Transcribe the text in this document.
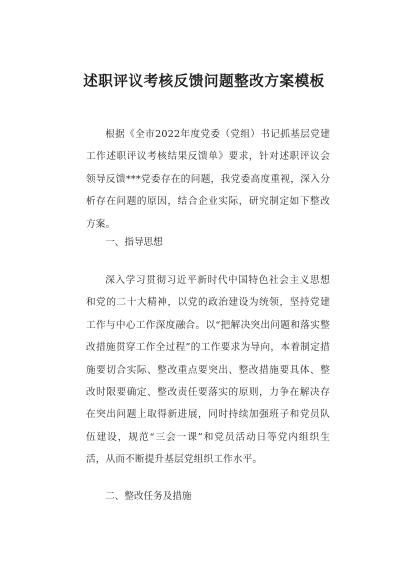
述职评议考核反馈问题整改方案模板

根据《全市2022年度党委（党组）书记抓基层党建工作述职评议考核结果反馈单》要求，针对述职评议会领导反馈***党委存在的问题，我党委高度重视，深入分析存在问题的原因，结合企业实际，研究制定如下整改方案。

一、指导思想

深入学习贯彻习近平新时代中国特色社会主义思想和党的二十大精神，以党的政治建设为统领，坚持党建工作与中心工作深度融合。以“把解决突出问题和落实整改措施贯穿工作全过程”的工作要求为导向，本着制定措施要切合实际、整改重点要突出、整改措施要具体、整改时限要确定、整改责任要落实的原则，力争在解决存在突出问题上取得新进展，同时持续加强班子和党员队伍建设，规范“三会一课”和党员活动日等党内组织生活，从而不断提升基层党组织工作水平。

二、整改任务及措施
